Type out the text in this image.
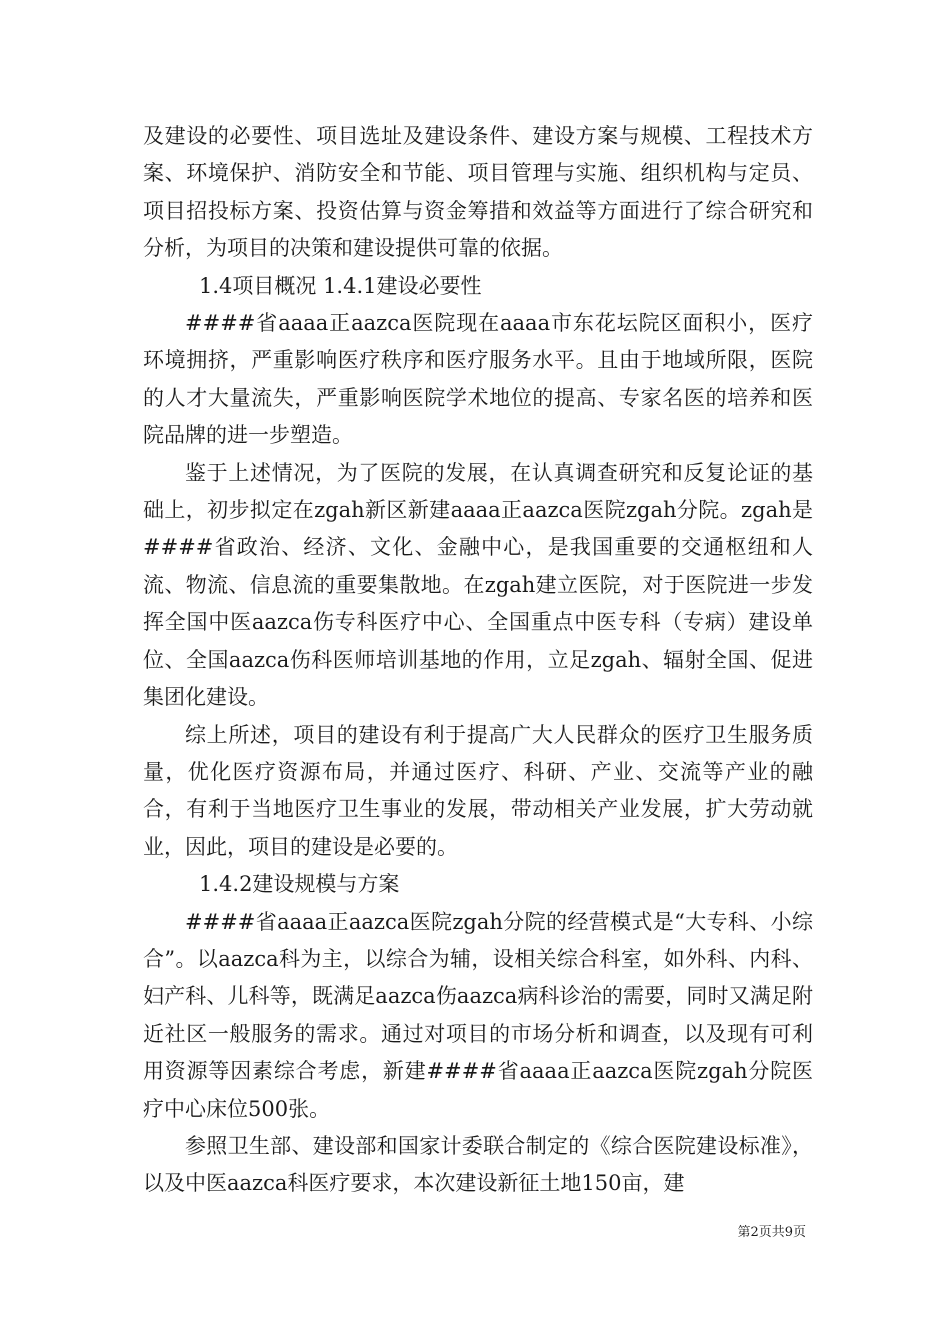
及建设的必要性、项目选址及建设条件、建设方案与规模、工程技术方案、环境保护、消防安全和节能、项目管理与实施、组织机构与定员、项目招投标方案、投资估算与资金筹措和效益等方面进行了综合研究和分析，为项目的决策和建设提供可靠的依据。

1.4项目概况 1.4.1建设必要性

####省aaaa正aazca医院现在aaaa市东花坛院区面积小，医疗环境拥挤，严重影响医疗秩序和医疗服务水平。且由于地域所限，医院的人才大量流失，严重影响医院学术地位的提高、专家名医的培养和医院品牌的进一步塑造。

鉴于上述情况，为了医院的发展，在认真调查研究和反复论证的基础上，初步拟定在zgah新区新建aaaa正aazca医院zgah分院。zgah是####省政治、经济、文化、金融中心，是我国重要的交通枢纽和人流、物流、信息流的重要集散地。在zgah建立医院，对于医院进一步发挥全国中医aazca伤专科医疗中心、全国重点中医专科（专病）建设单位、全国aazca伤科医师培训基地的作用，立足zgah、辐射全国、促进集团化建设。

综上所述，项目的建设有利于提高广大人民群众的医疗卫生服务质量，优化医疗资源布局，并通过医疗、科研、产业、交流等产业的融合，有利于当地医疗卫生事业的发展，带动相关产业发展，扩大劳动就业，因此，项目的建设是必要的。

1.4.2建设规模与方案

####省aaaa正aazca医院zgah分院的经营模式是“大专科、小综合”。以aazca科为主，以综合为辅，设相关综合科室，如外科、内科、妇产科、儿科等，既满足aazca伤aazca病科诊治的需要，同时又满足附近社区一般服务的需求。通过对项目的市场分析和调查，以及现有可利用资源等因素综合考虑，新建####省aaaa正aazca医院zgah分院医疗中心床位500张。

参照卫生部、建设部和国家计委联合制定的《综合医院建设标准》，以及中医aazca科医疗要求，本次建设新征土地150亩，建

第2页共9页
